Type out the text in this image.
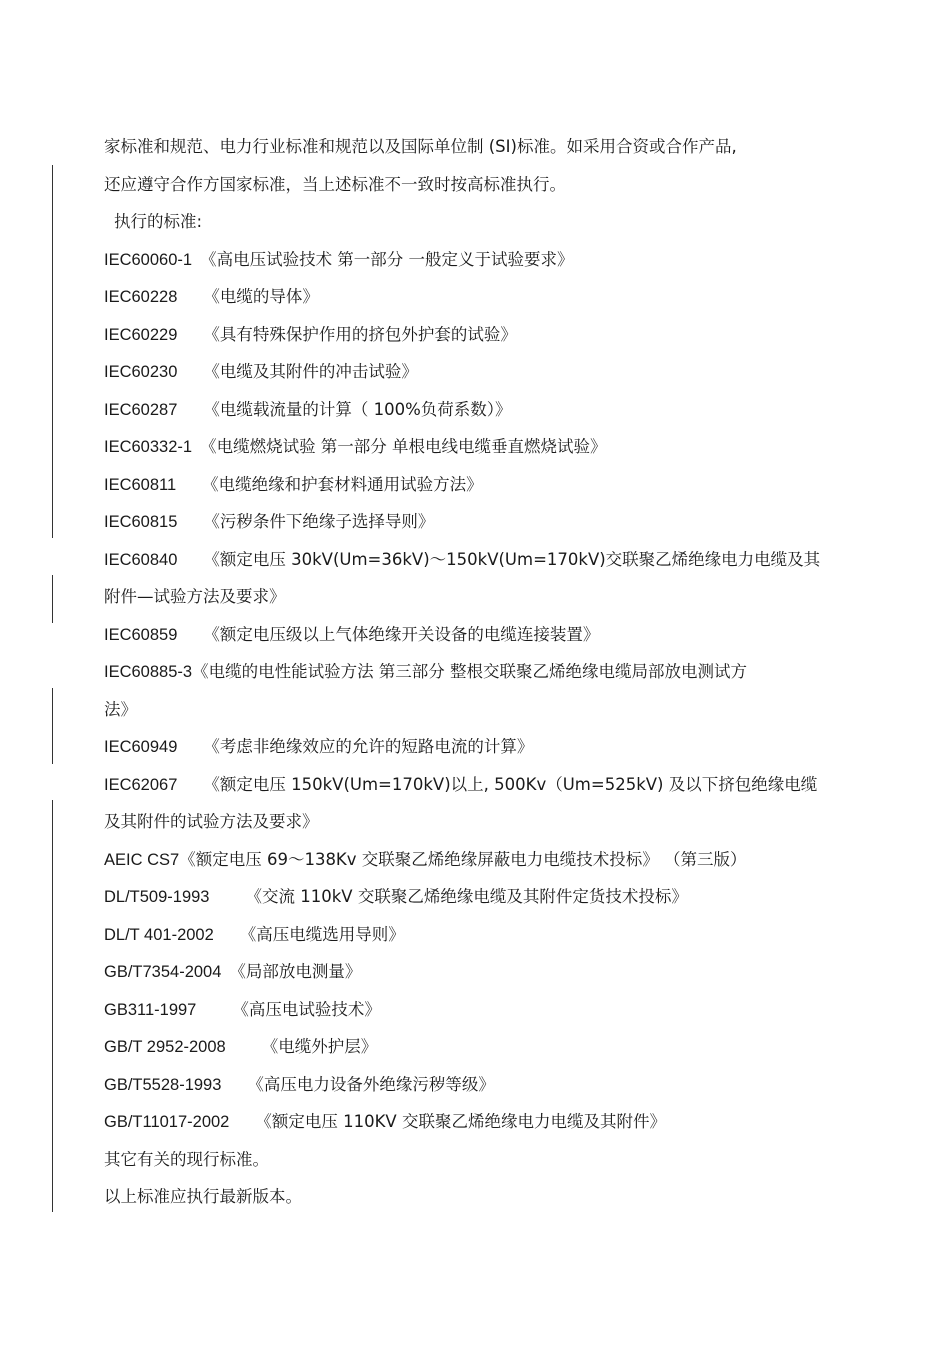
家标准和规范、电力行业标准和规范以及国际单位制 (SI)标准。如采用合资或合作产品,
还应遵守合作方国家标准，当上述标准不一致时按高标准执行。
执行的标准:
IEC60060-1 《高电压试验技术 第一部分 一般定义于试验要求》
IEC60228 《电缆的导体》
IEC60229 《具有特殊保护作用的挤包外护套的试验》
IEC60230 《电缆及其附件的冲击试验》
IEC60287 《电缆载流量的计算（ 100%负荷系数）》
IEC60332-1 《电缆燃烧试验 第一部分 单根电线电缆垂直燃烧试验》
IEC60811 《电缆绝缘和护套材料通用试验方法》
IEC60815 《污秽条件下绝缘子选择导则》
IEC60840 《额定电压 30kV(Um=36kV)～150kV(Um=170kV)交联聚乙烯绝缘电力电缆及其
附件—试验方法及要求》
IEC60859 《额定电压级以上气体绝缘开关设备的电缆连接装置》
IEC60885-3《电缆的电性能试验方法 第三部分 整根交联聚乙烯绝缘电缆局部放电测试方
法》
IEC60949 《考虑非绝缘效应的允许的短路电流的计算》
IEC62067 《额定电压 150kV(Um=170kV)以上, 500Kv（Um=525kV) 及以下挤包绝缘电缆
及其附件的试验方法及要求》
AEIC CS7《额定电压 69～138Kv 交联聚乙烯绝缘屏蔽电力电缆技术投标》 （第三版）
DL/T509-1993 《交流 110kV 交联聚乙烯绝缘电缆及其附件定货技术投标》
DL/T 401-2002 《高压电缆选用导则》
GB/T7354-2004 《局部放电测量》
GB311-1997 《高压电试验技术》
GB/T 2952-2008 《电缆外护层》
GB/T5528-1993 《高压电力设备外绝缘污秽等级》
GB/T11017-2002 《额定电压 110KV 交联聚乙烯绝缘电力电缆及其附件》
其它有关的现行标准。
以上标准应执行最新版本。
